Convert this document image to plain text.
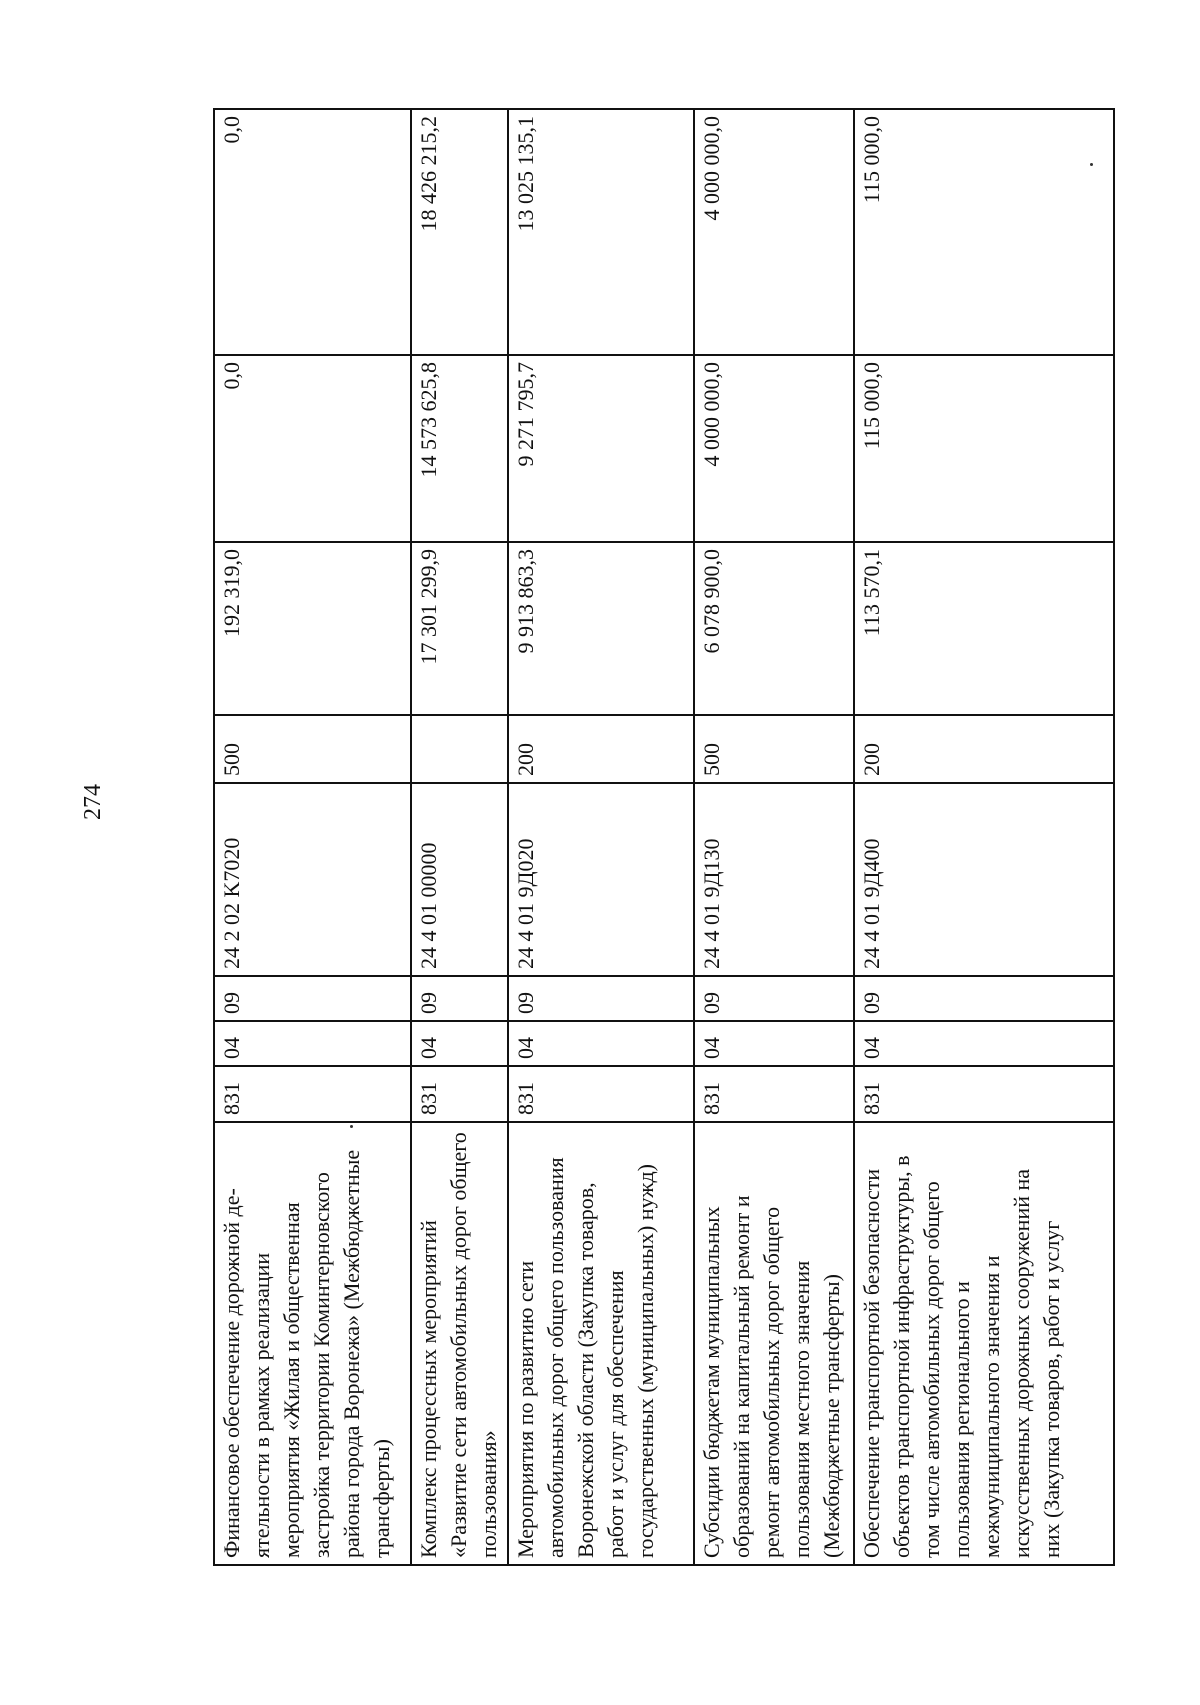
274
Финансовое обеспечение дорожной де-ятельности в рамках реализации мероприятия «Жилая и общественная застройка территории Коминтерновского района города Воронежа» (Межбюджетные трансферты)	831	04	09	24 2 02 K7020	500	192 319,0	0,0	0,0
Комплекс процессных мероприятий «Развитие сети автомобильных дорог общего пользования»	831	04	09	24 4 01 00000		17 301 299,9	14 573 625,8	18 426 215,2
Мероприятия по развитию сети автомобильных дорог общего пользования Воронежской области (Закупка товаров, работ и услуг для обеспечения государственных (муниципальных) нужд)	831	04	09	24 4 01 9Д020	200	9 913 863,3	9 271 795,7	13 025 135,1
Субсидии бюджетам муниципальных образований на капитальный ремонт и ремонт автомобильных дорог общего пользования местного значения (Межбюджетные трансферты)	831	04	09	24 4 01 9Д130	500	6 078 900,0	4 000 000,0	4 000 000,0
Обеспечение транспортной безопасности объектов транспортной инфраструктуры, в том числе автомобильных дорог общего пользования регионального и межмуниципального значения и искусственных дорожных сооружений на них (Закупка товаров, работ и услуг	831	04	09	24 4 01 9Д400	200	113 570,1	115 000,0	115 000,0
